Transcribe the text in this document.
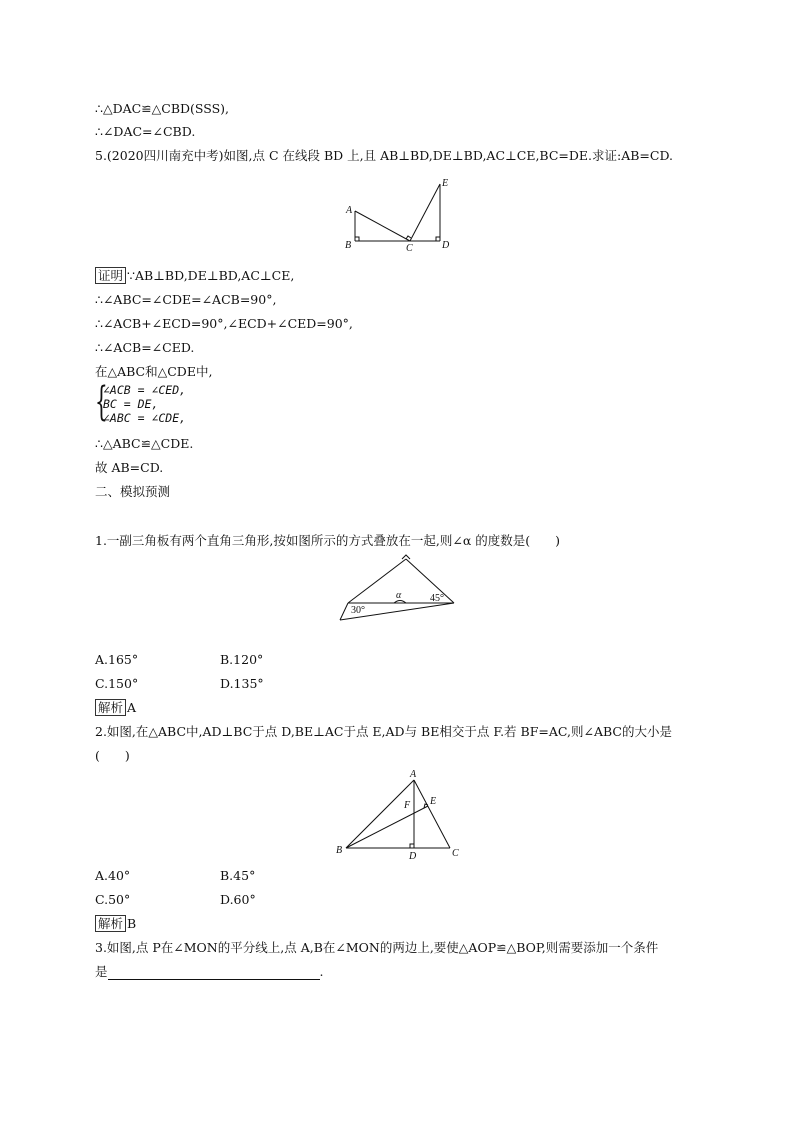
∴△DAC≌△CBD(SSS),
∴∠DAC=∠CBD.
5.(2020四川南充中考)如图,点 C 在线段 BD 上,且 AB⊥BD,DE⊥BD,AC⊥CE,BC=DE.求证:AB=CD.
A
B	C	D
E
证明 ∵AB⊥BD,DE⊥BD,AC⊥CE,
∴∠ABC=∠CDE=∠ACB=90°,
∴∠ACB+∠ECD=90°,∠ECD+∠CED=90°,
∴∠ACB=∠CED.
在△ABC和△CDE中,
{
∠ACB = ∠CED,
BC = DE,
∠ABC = ∠CDE,
∴△ABC≌△CDE.
故 AB=CD.
二、模拟预测
1.一副三角板有两个直角三角形,按如图所示的方式叠放在一起,则∠α 的度数是(　　)
30°
α	45°
A.165°	B.120°
C.150°	D.135°
解析 A
2.如图,在△ABC中,AD⊥BC于点 D,BE⊥AC于点 E,AD与 BE相交于点 F.若 BF=AC,则∠ABC的大小是
(　　)
A
B	C
D
E
F
A.40°	B.45°
C.50°	D.60°
解析 B
3.如图,点 P在∠MON的平分线上,点 A,B在∠MON的两边上,要使△AOP≌△BOP,则需要添加一个条件
是	.
